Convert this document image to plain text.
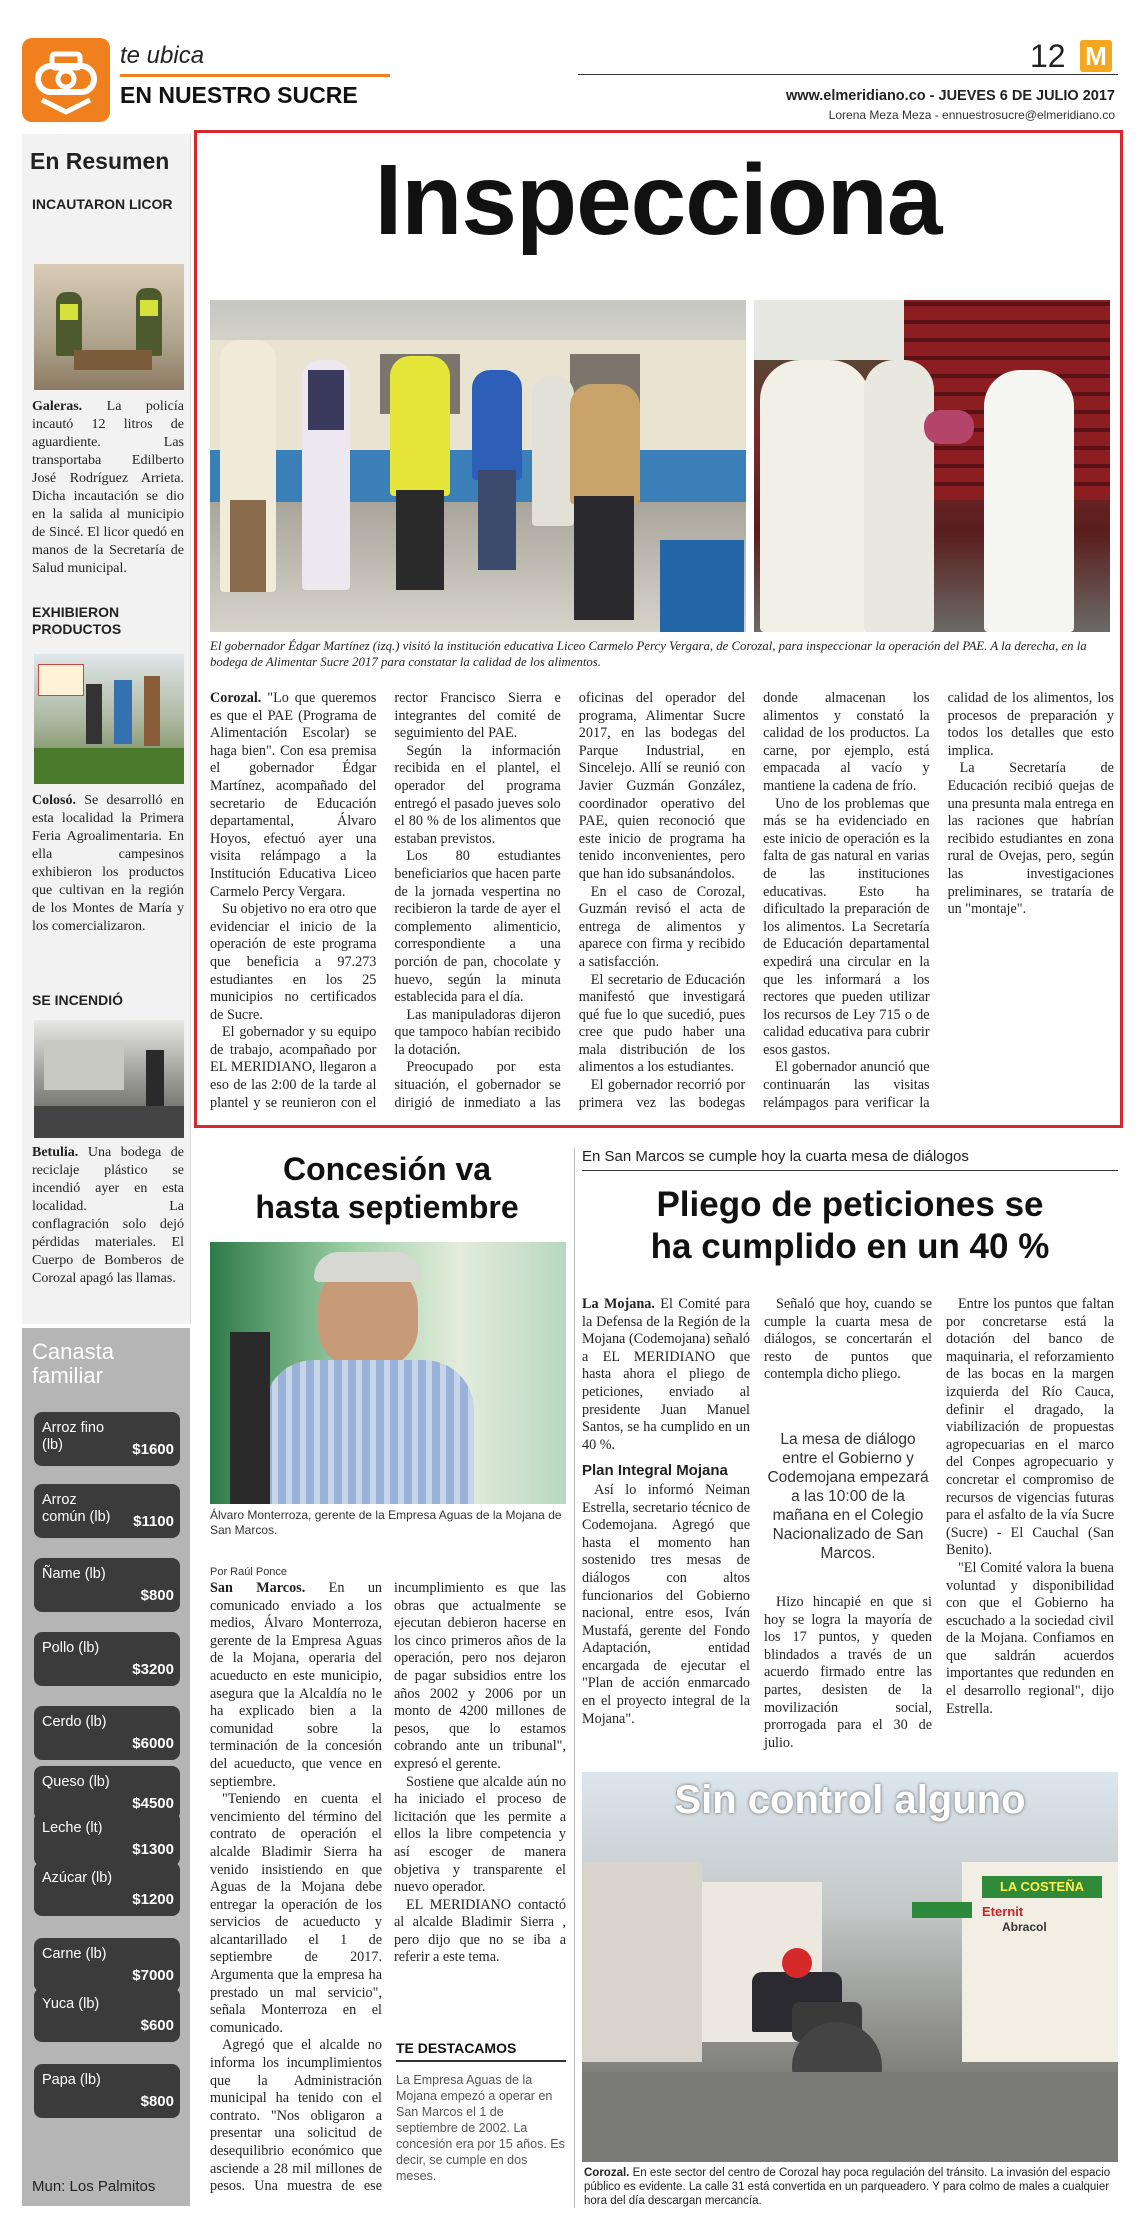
te ubica
EN NUESTRO SUCRE
12 M
www.elmeridiano.co - JUEVES 6 DE JULIO 2017
Lorena Meza Meza - ennuestrosucre@elmeridiano.co
En Resumen
INCAUTARON LICOR
Galeras. La policía incautó 12 litros de aguardiente. Las transportaba Edilberto José Rodríguez Arrieta. Dicha incautación se dio en la salida al municipio de Sincé. El licor quedó en manos de la Secretaría de Salud municipal.
EXHIBIERON PRODUCTOS
Colosó. Se desarrolló en esta localidad la Primera Feria Agroalimentaria. En ella campesinos exhibieron los productos que cultivan en la región de los Montes de María y los comercializaron.
SE INCENDIÓ
Betulia. Una bodega de reciclaje plástico se incendió ayer en esta localidad. La conflagración solo dejó pérdidas materiales. El Cuerpo de Bomberos de Corozal apagó las llamas.
Canasta familiar
Arroz fino (lb)	$1600
Arroz común (lb)	$1100
Ñame (lb)
$800
Pollo (lb)
$3200
Cerdo (lb)
$6000
Queso (lb)
$4500
Leche (lt)
$1300
Azúcar (lb)
$1200
Carne (lb)
$7000
Yuca (lb)
$600
Papa (lb)
$800
Mun: Los Palmitos
Inspecciona
El gobernador Édgar Martínez (izq.) visitó la institución educativa Liceo Carmelo Percy Vergara, de Corozal, para inspeccionar la operación del PAE. A la derecha, en la bodega de Alimentar Sucre 2017 para constatar la calidad de los alimentos.

Corozal. "Lo que queremos es que el PAE (Programa de Alimentación Escolar) se haga bien". Con esa premisa el gobernador Édgar Martínez, acompañado del secretario de Educación departamental, Álvaro Hoyos, efectuó ayer una visita relámpago a la Institución Educativa Liceo Carmelo Percy Vergara.

Su objetivo no era otro que evidenciar el inicio de la operación de este programa que beneficia a 97.273 estudiantes en los 25 municipios no certificados de Sucre.

El gobernador y su equipo de trabajo, acompañado por EL MERIDIANO, llegaron a eso de las 2:00 de la tarde al plantel y se reunieron con el rector Francisco Sierra e integrantes del comité de seguimiento del PAE.

Según la información recibida en el plantel, el operador del programa entregó el pasado jueves solo el 80 % de los alimentos que estaban previstos.

Los 80 estudiantes beneficiarios que hacen parte de la jornada vespertina no recibieron la tarde de ayer el complemento alimenticio, correspondiente a una porción de pan, chocolate y huevo, según la minuta establecida para el día.

Las manipuladoras dijeron que tampoco habían recibido la dotación.

Preocupado por esta situación, el gobernador se dirigió de inmediato a las oficinas del operador del programa, Alimentar Sucre 2017, en las bodegas del Parque Industrial, en Sincelejo. Allí se reunió con Javier Guzmán González, coordinador operativo del PAE, quien reconoció que este inicio de programa ha tenido inconvenientes, pero que han ido subsanándolos.

En el caso de Corozal, Guzmán revisó el acta de entrega de alimentos y aparece con firma y recibido a satisfacción.

El secretario de Educación manifestó que investigará qué fue lo que sucedió, pues cree que pudo haber una mala distribución de los alimentos a los estudiantes.

El gobernador recorrió por primera vez las bodegas donde almacenan los alimentos y constató la calidad de los productos. La carne, por ejemplo, está empacada al vacío y mantiene la cadena de frío.

Uno de los problemas que más se ha evidenciado en este inicio de operación es la falta de gas natural en varias de las instituciones educativas. Esto ha dificultado la preparación de los alimentos. La Secretaría de Educación departamental expedirá una circular en la que les informará a los rectores que pueden utilizar los recursos de Ley 715 o de calidad educativa para cubrir esos gastos.

El gobernador anunció que continuarán las visitas relámpagos para verificar la calidad de los alimentos, los procesos de preparación y todos los detalles que esto implica.

La Secretaría de Educación recibió quejas de una presunta mala entrega en las raciones que habrían recibido estudiantes en zona rural de Ovejas, pero, según las investigaciones preliminares, se trataría de un "montaje".

Concesión va
hasta septiembre
Álvaro Monterroza, gerente de la Empresa Aguas de la Mojana de San Marcos.
Por Raúl Ponce

San Marcos. En un comunicado enviado a los medios, Álvaro Monterroza, gerente de la Empresa Aguas de la Mojana, operaria del acueducto en este municipio, asegura que la Alcaldía no le ha explicado bien a la comunidad sobre la terminación de la concesión del acueducto, que vence en septiembre.

"Teniendo en cuenta el vencimiento del término del contrato de operación el alcalde Bladimir Sierra ha venido insistiendo en que Aguas de la Mojana debe entregar la operación de los servicios de acueducto y alcantarillado el 1 de septiembre de 2017. Argumenta que la empresa ha prestado un mal servicio", señala Monterroza en el comunicado.

Agregó que el alcalde no informa los incumplimientos que la Administración municipal ha tenido con el contrato. "Nos obligaron a presentar una solicitud de desequilibrio económico que asciende a 28 mil millones de pesos. Una muestra de ese incumplimiento es que las obras que actualmente se ejecutan debieron hacerse en los cinco primeros años de la operación, pero nos dejaron de pagar subsidios entre los años 2002 y 2006 por un monto de 4200 millones de pesos, que lo estamos cobrando ante un tribunal", expresó el gerente.

Sostiene que alcalde aún no ha iniciado el proceso de licitación que les permite a ellos la libre competencia y así escoger de manera objetiva y transparente el nuevo operador.

EL MERIDIANO contactó al alcalde Bladimir Sierra , pero dijo que no se iba a referir a este tema.

TE DESTACAMOS
La Empresa Aguas de la Mojana empezó a operar en San Marcos el 1 de septiembre de 2002. La concesión era por 15 años. Es decir, se cumple en dos meses.
En San Marcos se cumple hoy la cuarta mesa de diálogos
Pliego de peticiones se
ha cumplido en un 40 %

La Mojana. El Comité para la Defensa de la Región de la Mojana (Codemojana) señaló a EL MERIDIANO que hasta ahora el pliego de peticiones, enviado al presidente Juan Manuel Santos, se ha cumplido en un 40 %.

Plan Integral Mojana

Así lo informó Neiman Estrella, secretario técnico de Codemojana. Agregó que hasta el momento han sostenido tres mesas de diálogos con altos funcionarios del Gobierno nacional, entre esos, Iván Mustafá, gerente del Fondo Adaptación, entidad encargada de ejecutar el "Plan de acción enmarcado en el proyecto integral de la Mojana".

Señaló que hoy, cuando se cumple la cuarta mesa de diálogos, se concertarán el resto de puntos que contempla dicho pliego.

La mesa de diálogo entre el Gobierno y Codemojana empezará a las 10:00 de la mañana en el Colegio Nacionalizado de San Marcos.

Hizo hincapié en que si hoy se logra la mayoría de los 17 puntos, y queden blindados a través de un acuerdo firmado entre las partes, desisten de la movilización social, prorrogada para el 30 de julio.

Entre los puntos que faltan por concretarse está la dotación del banco de maquinaria, el reforzamiento de las bocas en la margen izquierda del Río Cauca, definir el dragado, la viabilización de propuestas agropecuarias en el marco del Conpes agropecuario y concretar el compromiso de recursos de vigencias futuras para el asfalto de la vía Sucre (Sucre) - El Cauchal (San Benito).

"El Comité valora la buena voluntad y disponibilidad con que el Gobierno ha escuchado a la sociedad civil de la Mojana. Confiamos en que saldrán acuerdos importantes que redunden en el desarrollo regional", dijo Estrella.

Sin control alguno
LA COSTEÑA
Eternit
Abracol
Corozal. En este sector del centro de Corozal hay poca regulación del tránsito. La invasión del espacio público es evidente. La calle 31 está convertida en un parqueadero. Y para colmo de males a cualquier hora del día descargan mercancía.
